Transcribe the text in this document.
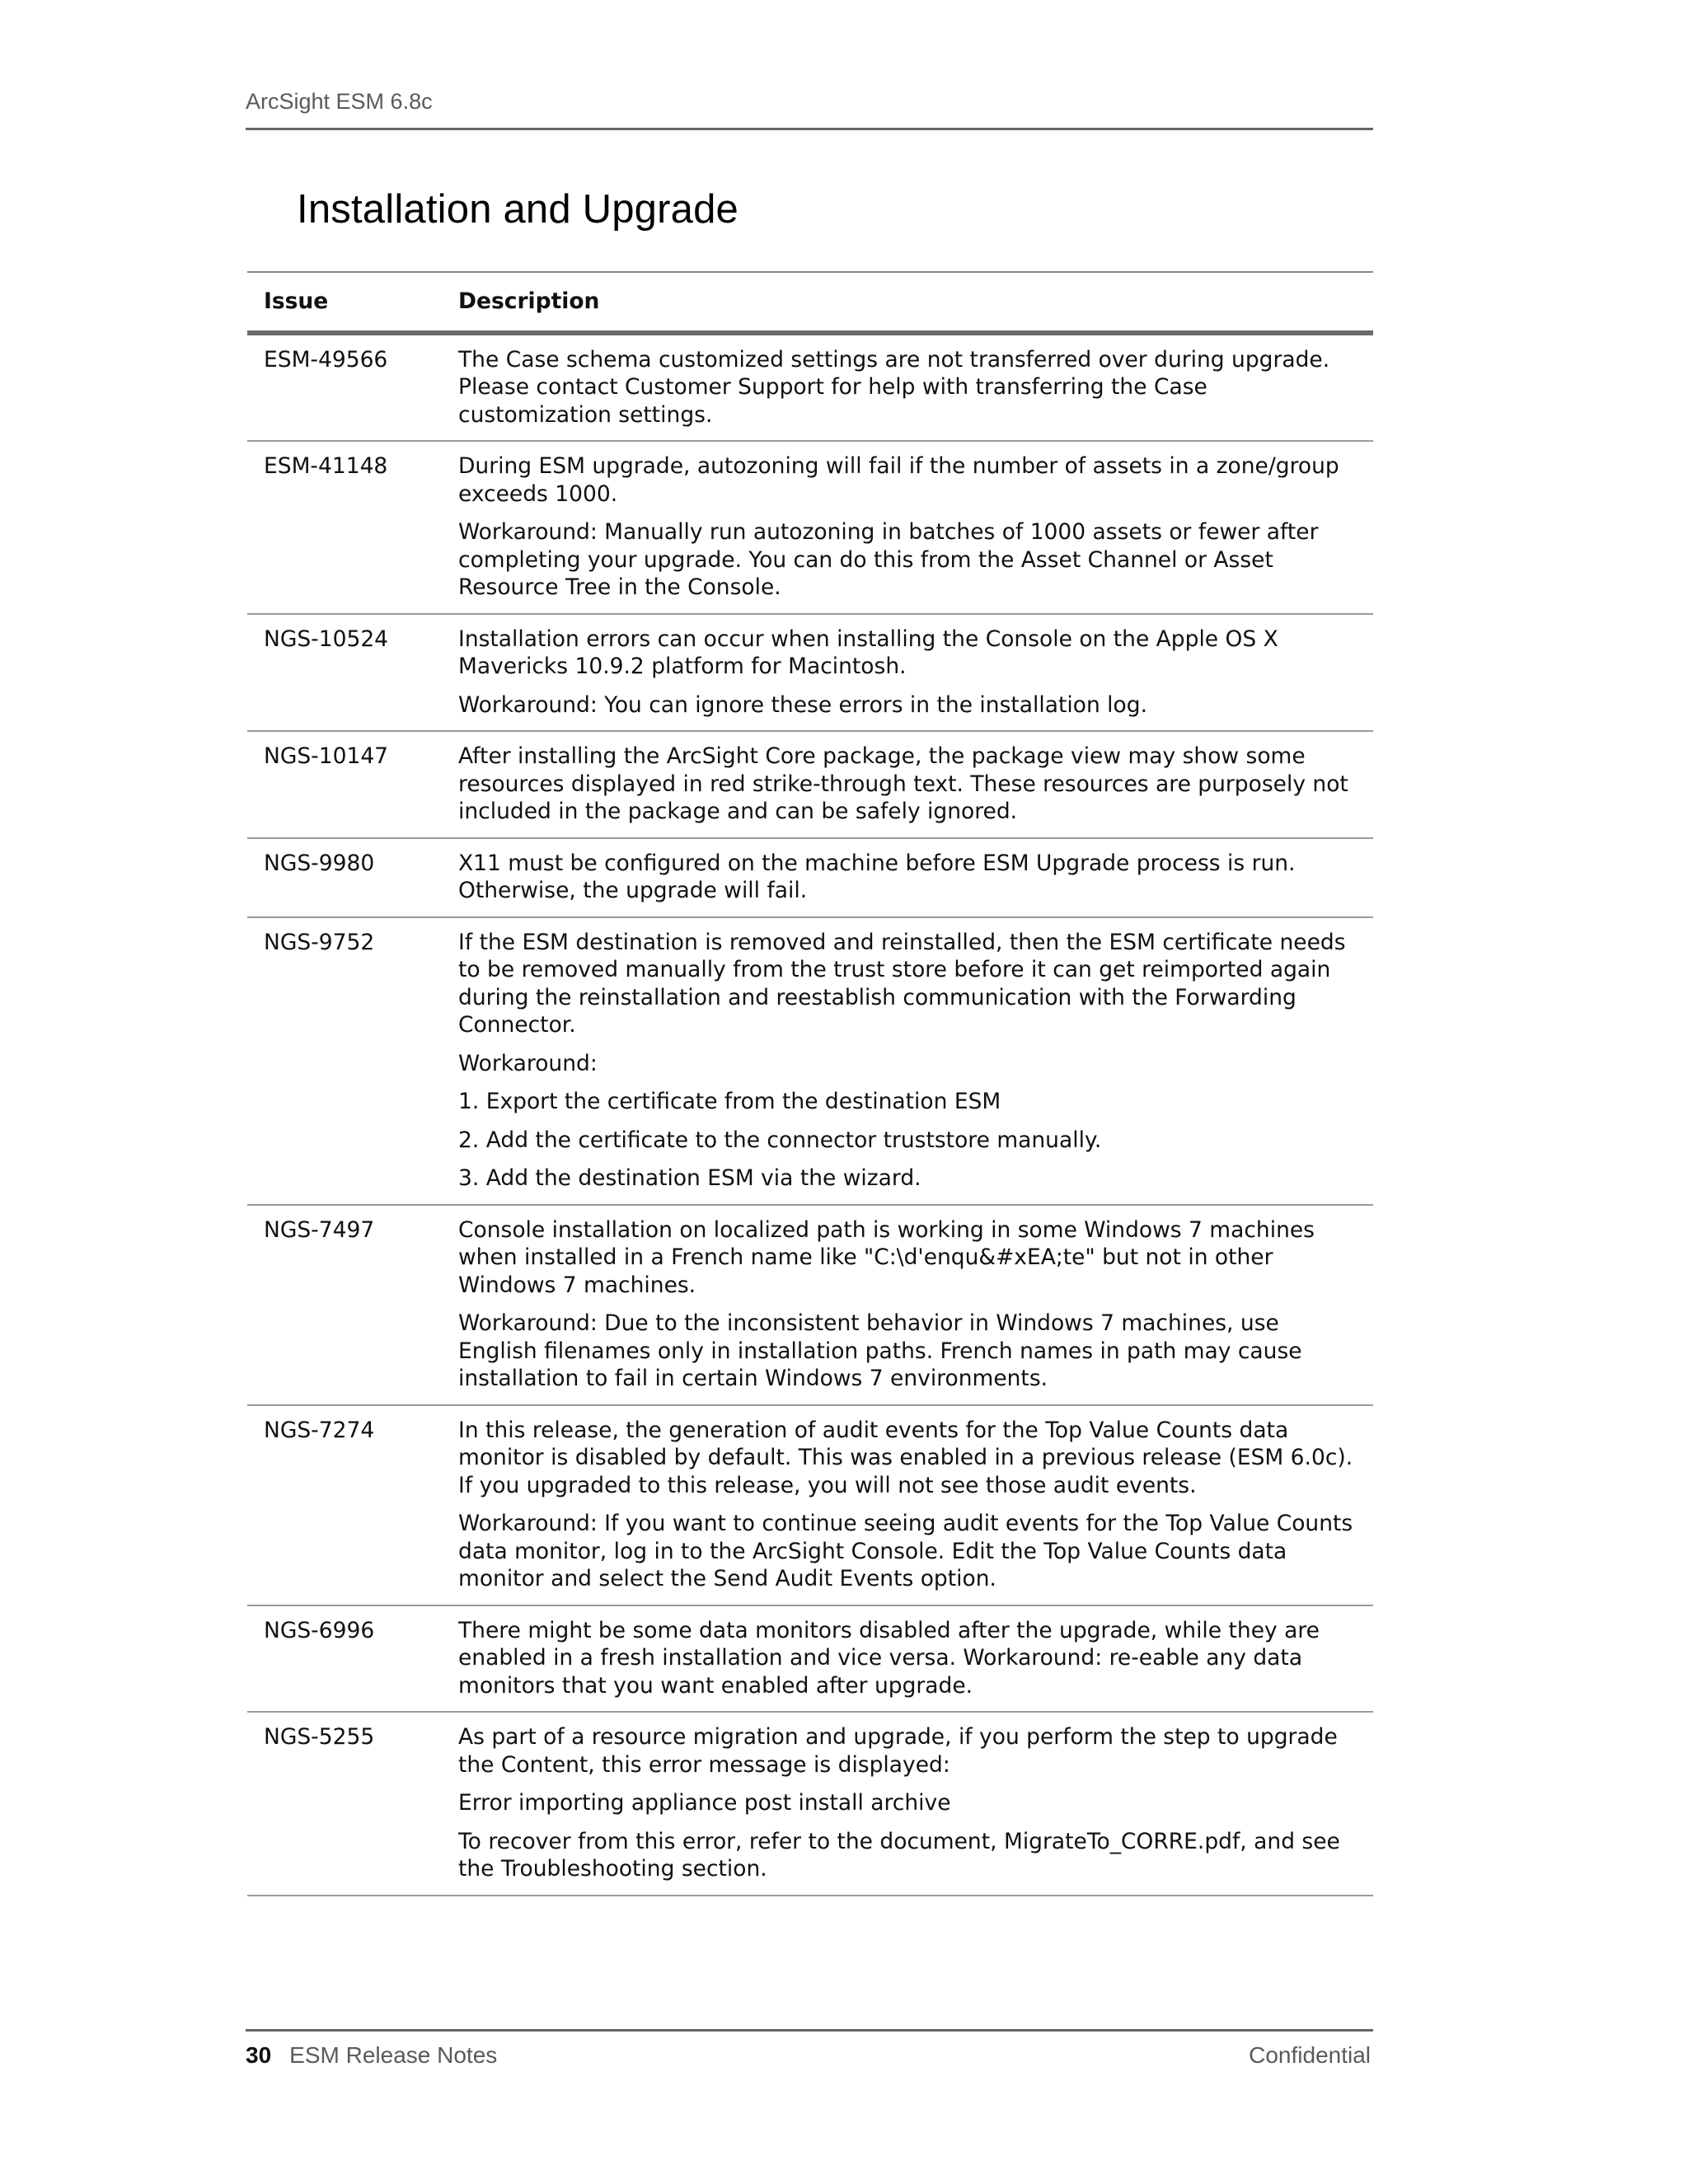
ArcSight ESM 6.8c
Installation and Upgrade
Issue	Description
ESM-49566	The Case schema customized settings are not transferred over during upgrade. Please contact Customer Support for help with transferring the Case customization settings.

ESM-41148	During ESM upgrade, autozoning will fail if the number of assets in a zone/group exceeds 1000.

Workaround: Manually run autozoning in batches of 1000 assets or fewer after completing your upgrade. You can do this from the Asset Channel or Asset Resource Tree in the Console.

NGS-10524	Installation errors can occur when installing the Console on the Apple OS X Mavericks 10.9.2 platform for Macintosh.

Workaround: You can ignore these errors in the installation log.

NGS-10147	After installing the ArcSight Core package, the package view may show some resources displayed in red strike-through text. These resources are purposely not included in the package and can be safely ignored.

NGS-9980	X11 must be configured on the machine before ESM Upgrade process is run. Otherwise, the upgrade will fail.

NGS-9752	If the ESM destination is removed and reinstalled, then the ESM certificate needs to be removed manually from the trust store before it can get reimported again during the reinstallation and reestablish communication with the Forwarding Connector.

Workaround:

1. Export the certificate from the destination ESM

2. Add the certificate to the connector truststore manually.

3. Add the destination ESM via the wizard.

NGS-7497	Console installation on localized path is working in some Windows 7 machines when installed in a French name like "C:\d'enqu&#xEA;te" but not in other Windows 7 machines.

Workaround: Due to the inconsistent behavior in Windows 7 machines, use English filenames only in installation paths. French names in path may cause installation to fail in certain Windows 7 environments.

NGS-7274	In this release, the generation of audit events for the Top Value Counts data monitor is disabled by default. This was enabled in a previous release (ESM 6.0c). If you upgraded to this release, you will not see those audit events.

Workaround: If you want to continue seeing audit events for the Top Value Counts data monitor, log in to the ArcSight Console. Edit the Top Value Counts data monitor and select the Send Audit Events option.

NGS-6996	There might be some data monitors disabled after the upgrade, while they are enabled in a fresh installation and vice versa. Workaround: re-eable any data monitors that you want enabled after upgrade.

NGS-5255	As part of a resource migration and upgrade, if you perform the step to upgrade the Content, this error message is displayed:

Error importing appliance post install archive

To recover from this error, refer to the document, MigrateTo_CORRE.pdf, and see the Troubleshooting section.

30 ESM Release Notes	Confidential
